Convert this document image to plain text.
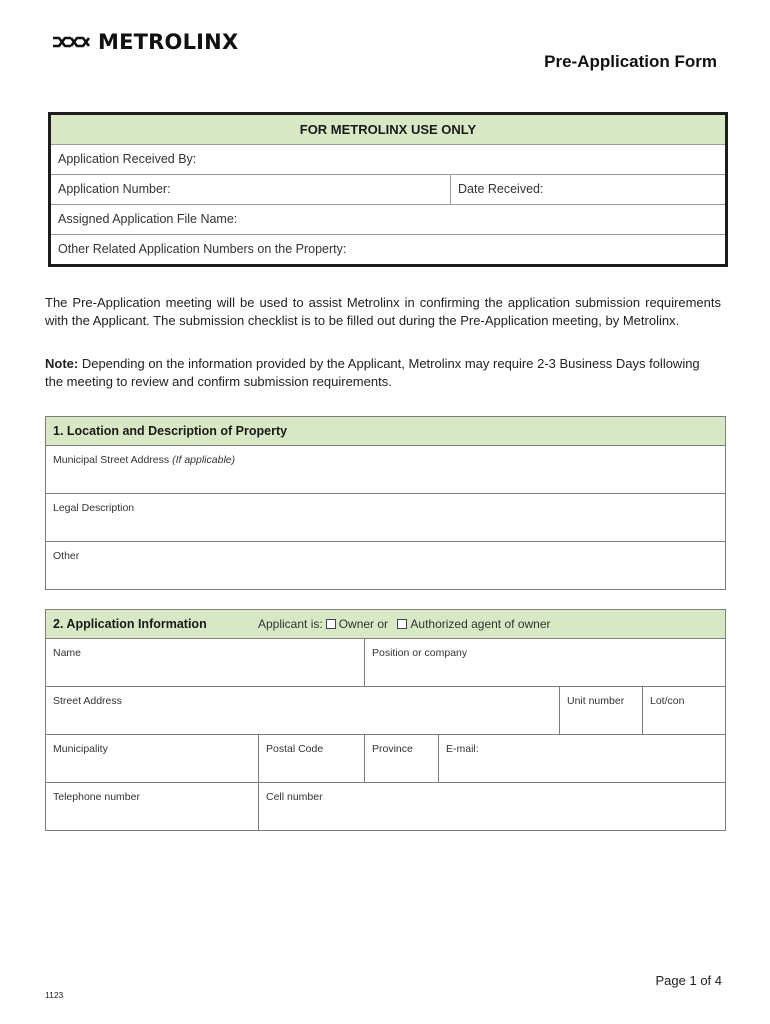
METROLINX
Pre-Application Form
FOR METROLINX USE ONLY
Application Received By:
Application Number:	Date Received:
Assigned Application File Name:
Other Related Application Numbers on the Property:
The Pre-Application meeting will be used to assist Metrolinx in confirming the application submission requirements with the Applicant. The submission checklist is to be filled out during the Pre-Application meeting, by Metrolinx.
Note: Depending on the information provided by the Applicant, Metrolinx may require 2-3 Business Days following the meeting to review and confirm submission requirements.
1. Location and Description of Property
Municipal Street Address (If applicable)
Legal Description
Other
2. Application Information	Applicant is: Owner or Authorized agent of owner
Name	Position or company
Street Address	Unit number	Lot/con
Municipality	Postal Code	Province	E-mail:
Telephone number	Cell number
Page 1 of 4
1123
